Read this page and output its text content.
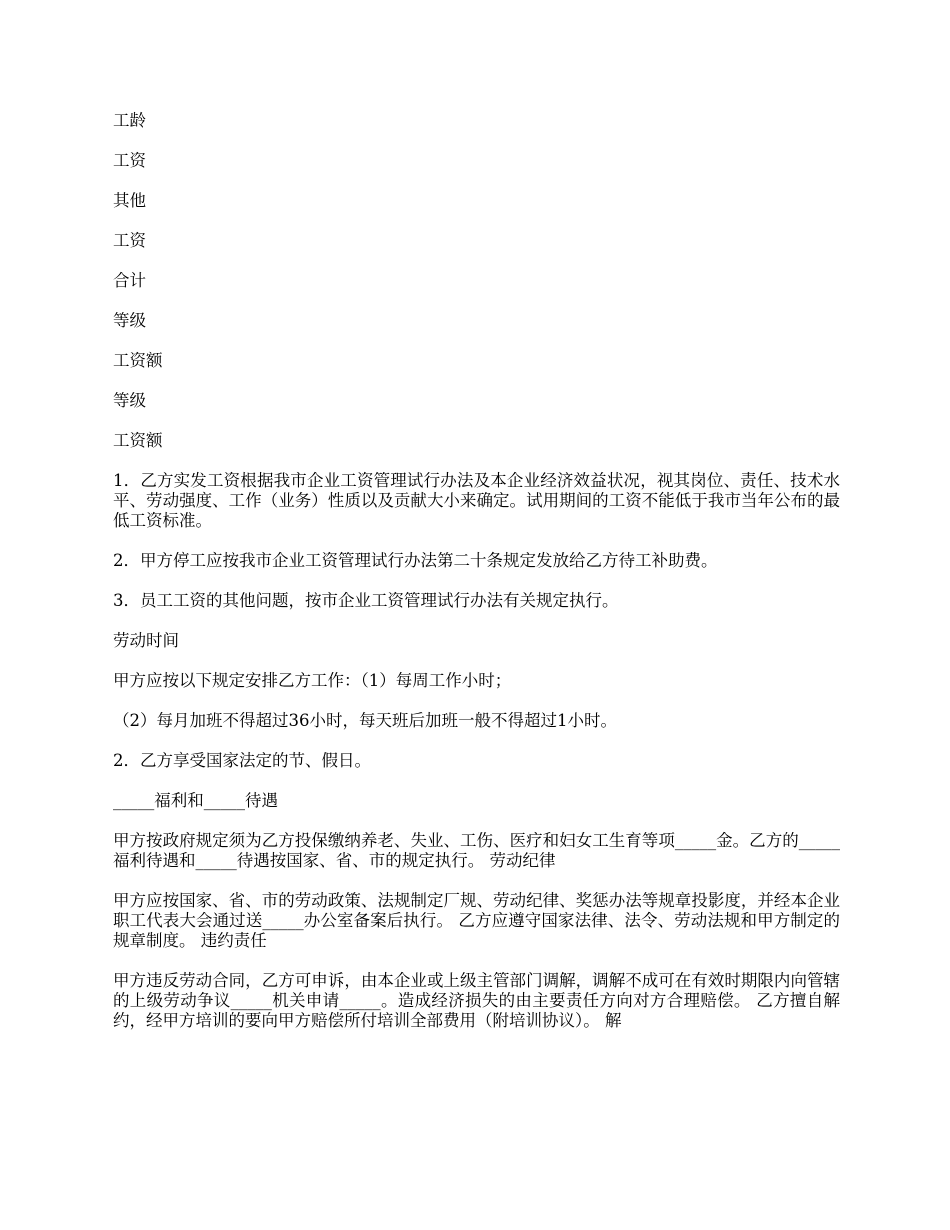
工龄

工资

其他

工资

合计

等级

工资额

等级

工资额

1．乙方实发工资根据我市企业工资管理试行办法及本企业经济效益状况，视其岗位、责任、技术水平、劳动强度、工作（业务）性质以及贡献大小来确定。试用期间的工资不能低于我市当年公布的最低工资标准。

2．甲方停工应按我市企业工资管理试行办法第二十条规定发放给乙方待工补助费。

3．员工工资的其他问题，按市企业工资管理试行办法有关规定执行。

劳动时间

甲方应按以下规定安排乙方工作：（1）每周工作小时；

（2）每月加班不得超过36小时，每天班后加班一般不得超过1小时。

2．乙方享受国家法定的节、假日。

_____福利和_____待遇

甲方按政府规定须为乙方投保缴纳养老、失业、工伤、医疗和妇女工生育等项_____金。乙方的_____福利待遇和_____待遇按国家、省、市的规定执行。 劳动纪律

甲方应按国家、省、市的劳动政策、法规制定厂规、劳动纪律、奖惩办法等规章投影度，并经本企业职工代表大会通过送_____办公室备案后执行。 乙方应遵守国家法律、法令、劳动法规和甲方制定的规章制度。 违约责任

甲方违反劳动合同，乙方可申诉，由本企业或上级主管部门调解，调解不成可在有效时期限内向管辖的上级劳动争议_____机关申请_____。造成经济损失的由主要责任方向对方合理赔偿。 乙方擅自解约，经甲方培训的要向甲方赔偿所付培训全部费用（附培训协议）。 解
